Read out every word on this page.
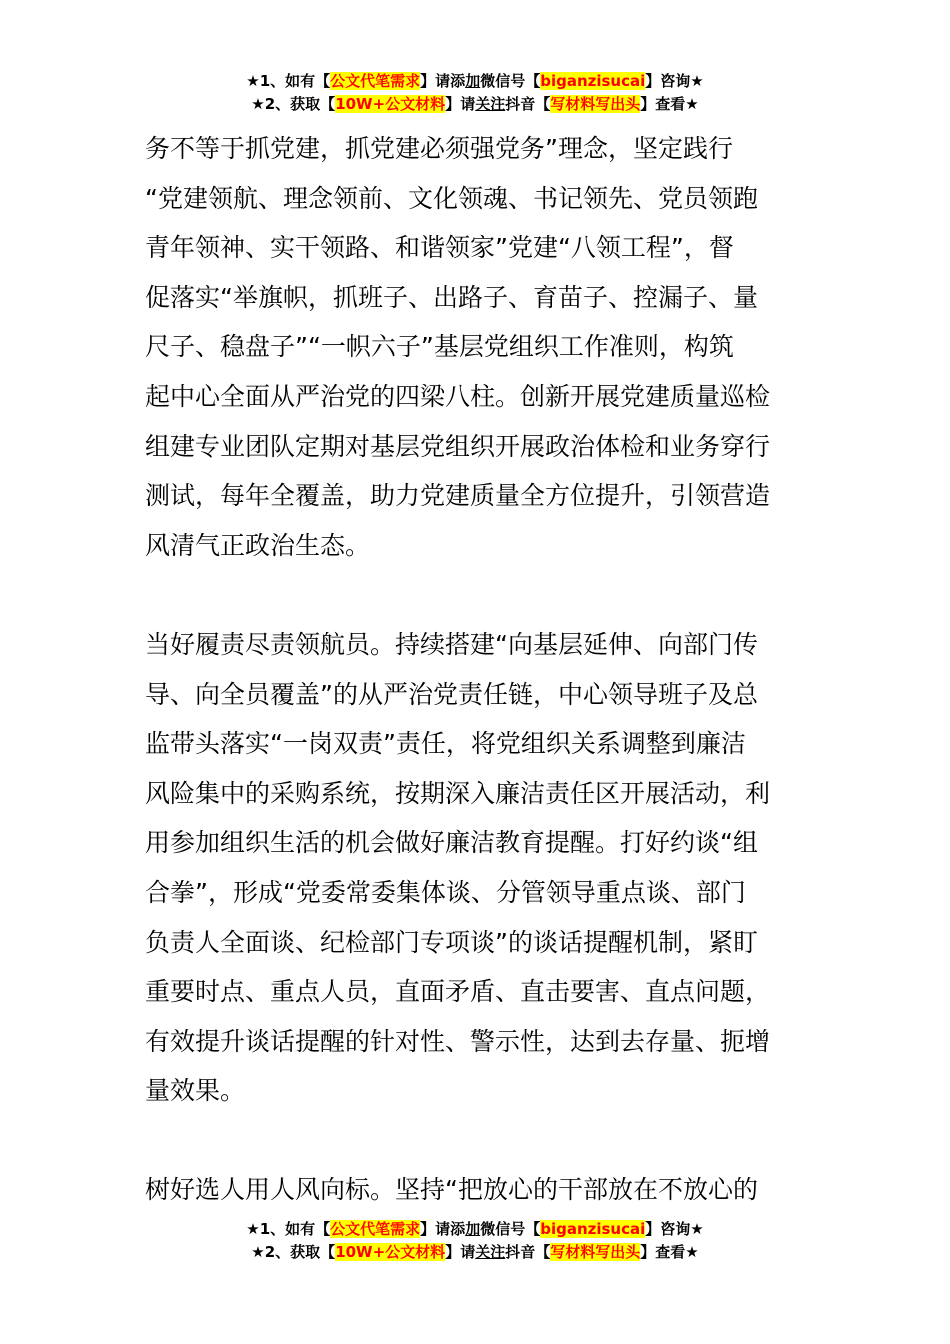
★1、如有【公文代笔需求】请添加微信号【biganzisucai】咨询★
★2、获取【10W+公文材料】请关注抖音【写材料写出头】查看★

务不等于抓党建，抓党建必须强党务”理念，坚定践行
“党建领航、理念领前、文化领魂、书记领先、党员领跑
青年领神、实干领路、和谐领家”党建“八领工程”，督
促落实“举旗帜，抓班子、出路子、育苗子、控漏子、量
尺子、稳盘子”“一帜六子”基层党组织工作准则，构筑
起中心全面从严治党的四梁八柱。创新开展党建质量巡检
组建专业团队定期对基层党组织开展政治体检和业务穿行
测试，每年全覆盖，助力党建质量全方位提升，引领营造
风清气正政治生态。

当好履责尽责领航员。持续搭建“向基层延伸、向部门传
导、向全员覆盖”的从严治党责任链，中心领导班子及总
监带头落实“一岗双责”责任，将党组织关系调整到廉洁
风险集中的采购系统，按期深入廉洁责任区开展活动，利
用参加组织生活的机会做好廉洁教育提醒。打好约谈“组
合拳”，形成“党委常委集体谈、分管领导重点谈、部门
负责人全面谈、纪检部门专项谈”的谈话提醒机制，紧盯
重要时点、重点人员，直面矛盾、直击要害、直点问题，
有效提升谈话提醒的针对性、警示性，达到去存量、扼增
量效果。

树好选人用人风向标。坚持“把放心的干部放在不放心的

★1、如有【公文代笔需求】请添加微信号【biganzisucai】咨询★
★2、获取【10W+公文材料】请关注抖音【写材料写出头】查看★
